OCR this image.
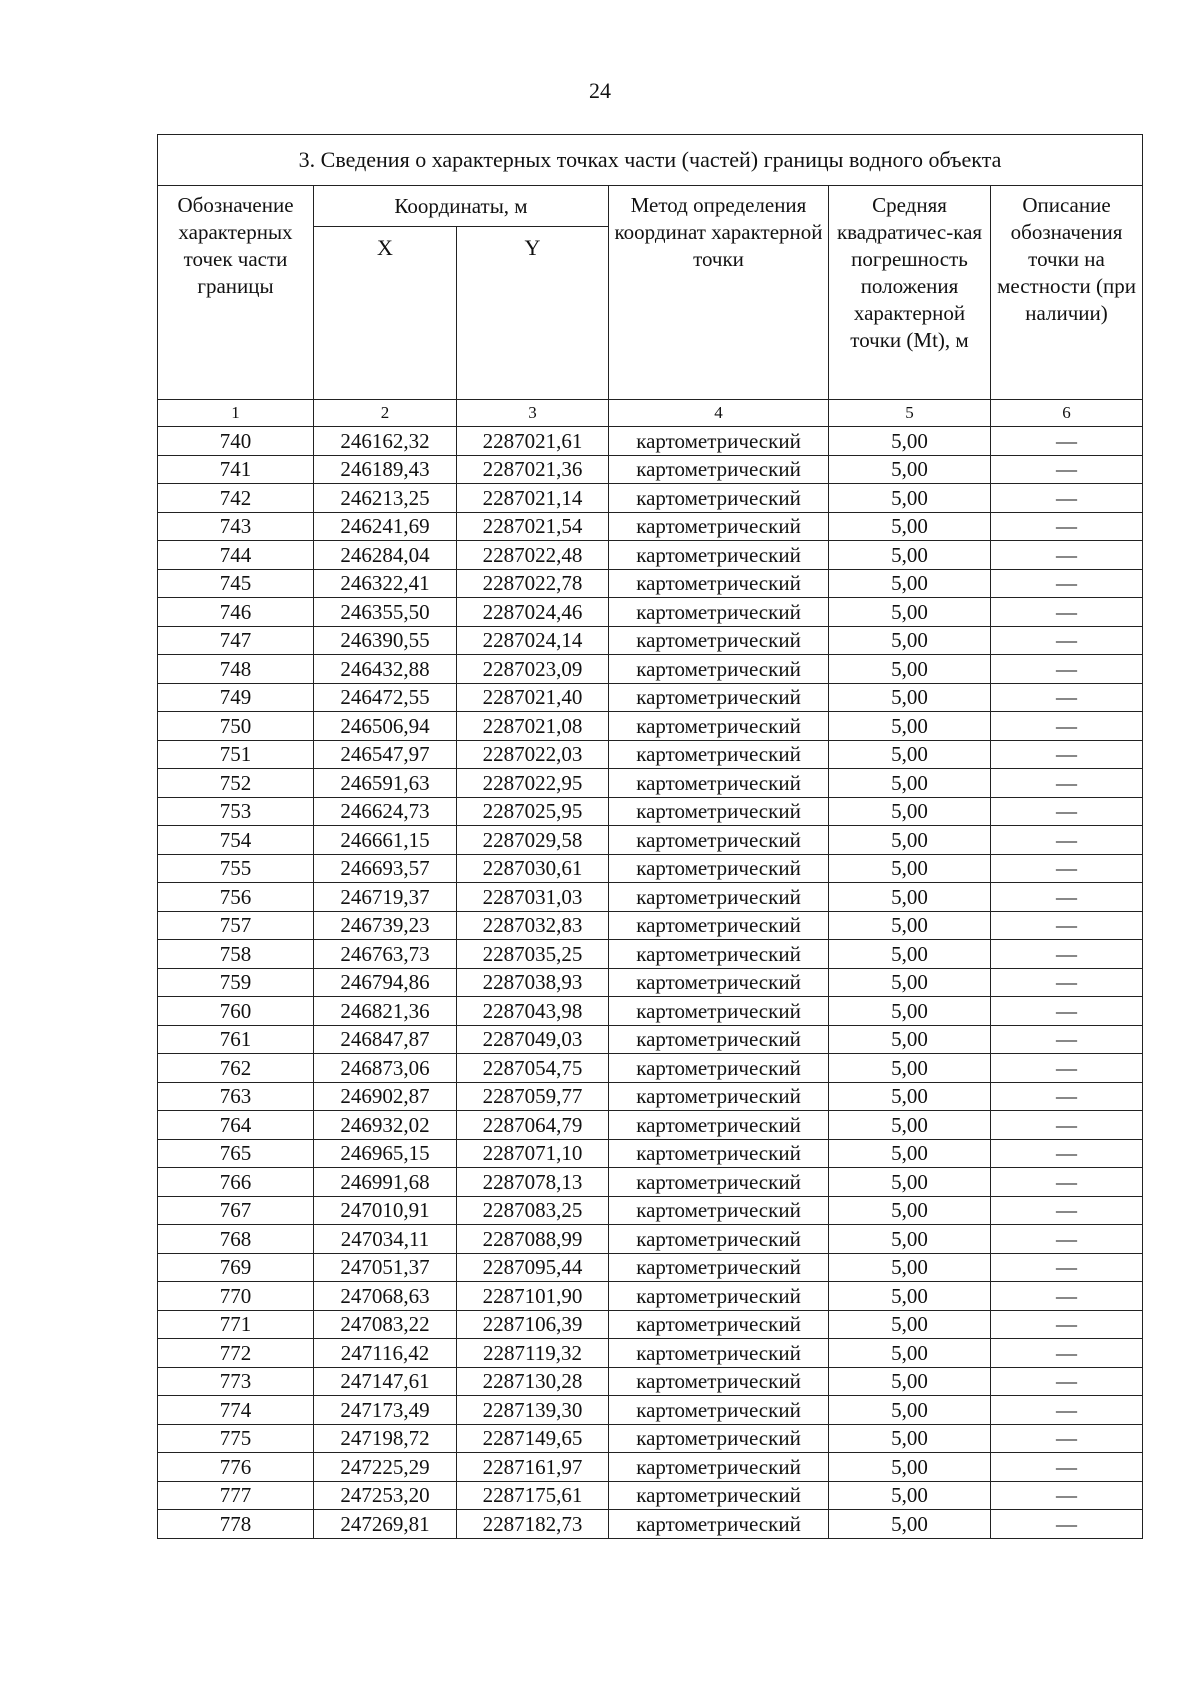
24
3. Сведения о характерных точках части (частей) границы водного объекта					
Обозначение характерных точек части границы	Координаты, м		Метод определения координат характерной точки	Средняя квадратичес-кая погрешность положения характерной точки (Mt), м	Описание обозначения точки на местности (при наличии)
	X	Y			
1	2	3	4	5	6
740	246162,32	2287021,61	картометрический	5,00	—
741	246189,43	2287021,36	картометрический	5,00	—
742	246213,25	2287021,14	картометрический	5,00	—
743	246241,69	2287021,54	картометрический	5,00	—
744	246284,04	2287022,48	картометрический	5,00	—
745	246322,41	2287022,78	картометрический	5,00	—
746	246355,50	2287024,46	картометрический	5,00	—
747	246390,55	2287024,14	картометрический	5,00	—
748	246432,88	2287023,09	картометрический	5,00	—
749	246472,55	2287021,40	картометрический	5,00	—
750	246506,94	2287021,08	картометрический	5,00	—
751	246547,97	2287022,03	картометрический	5,00	—
752	246591,63	2287022,95	картометрический	5,00	—
753	246624,73	2287025,95	картометрический	5,00	—
754	246661,15	2287029,58	картометрический	5,00	—
755	246693,57	2287030,61	картометрический	5,00	—
756	246719,37	2287031,03	картометрический	5,00	—
757	246739,23	2287032,83	картометрический	5,00	—
758	246763,73	2287035,25	картометрический	5,00	—
759	246794,86	2287038,93	картометрический	5,00	—
760	246821,36	2287043,98	картометрический	5,00	—
761	246847,87	2287049,03	картометрический	5,00	—
762	246873,06	2287054,75	картометрический	5,00	—
763	246902,87	2287059,77	картометрический	5,00	—
764	246932,02	2287064,79	картометрический	5,00	—
765	246965,15	2287071,10	картометрический	5,00	—
766	246991,68	2287078,13	картометрический	5,00	—
767	247010,91	2287083,25	картометрический	5,00	—
768	247034,11	2287088,99	картометрический	5,00	—
769	247051,37	2287095,44	картометрический	5,00	—
770	247068,63	2287101,90	картометрический	5,00	—
771	247083,22	2287106,39	картометрический	5,00	—
772	247116,42	2287119,32	картометрический	5,00	—
773	247147,61	2287130,28	картометрический	5,00	—
774	247173,49	2287139,30	картометрический	5,00	—
775	247198,72	2287149,65	картометрический	5,00	—
776	247225,29	2287161,97	картометрический	5,00	—
777	247253,20	2287175,61	картометрический	5,00	—
778	247269,81	2287182,73	картометрический	5,00	—
